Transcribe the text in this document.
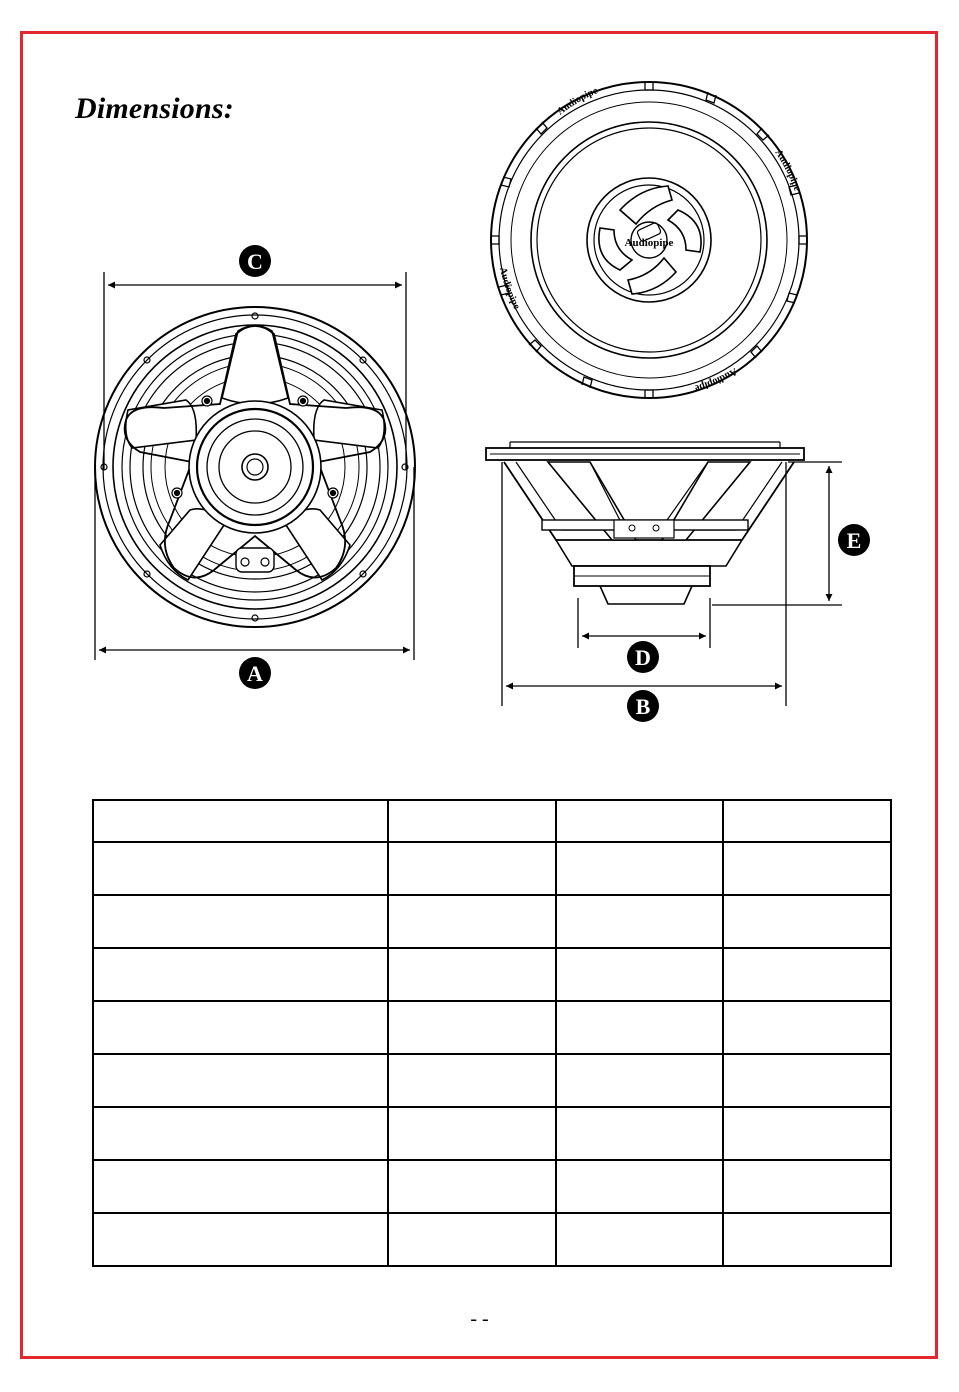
Dimensions:
Audiopipe
Audiopipe
Audiopipe
Audiopipe
Audiopipe
C
A
D
B
E

- -
